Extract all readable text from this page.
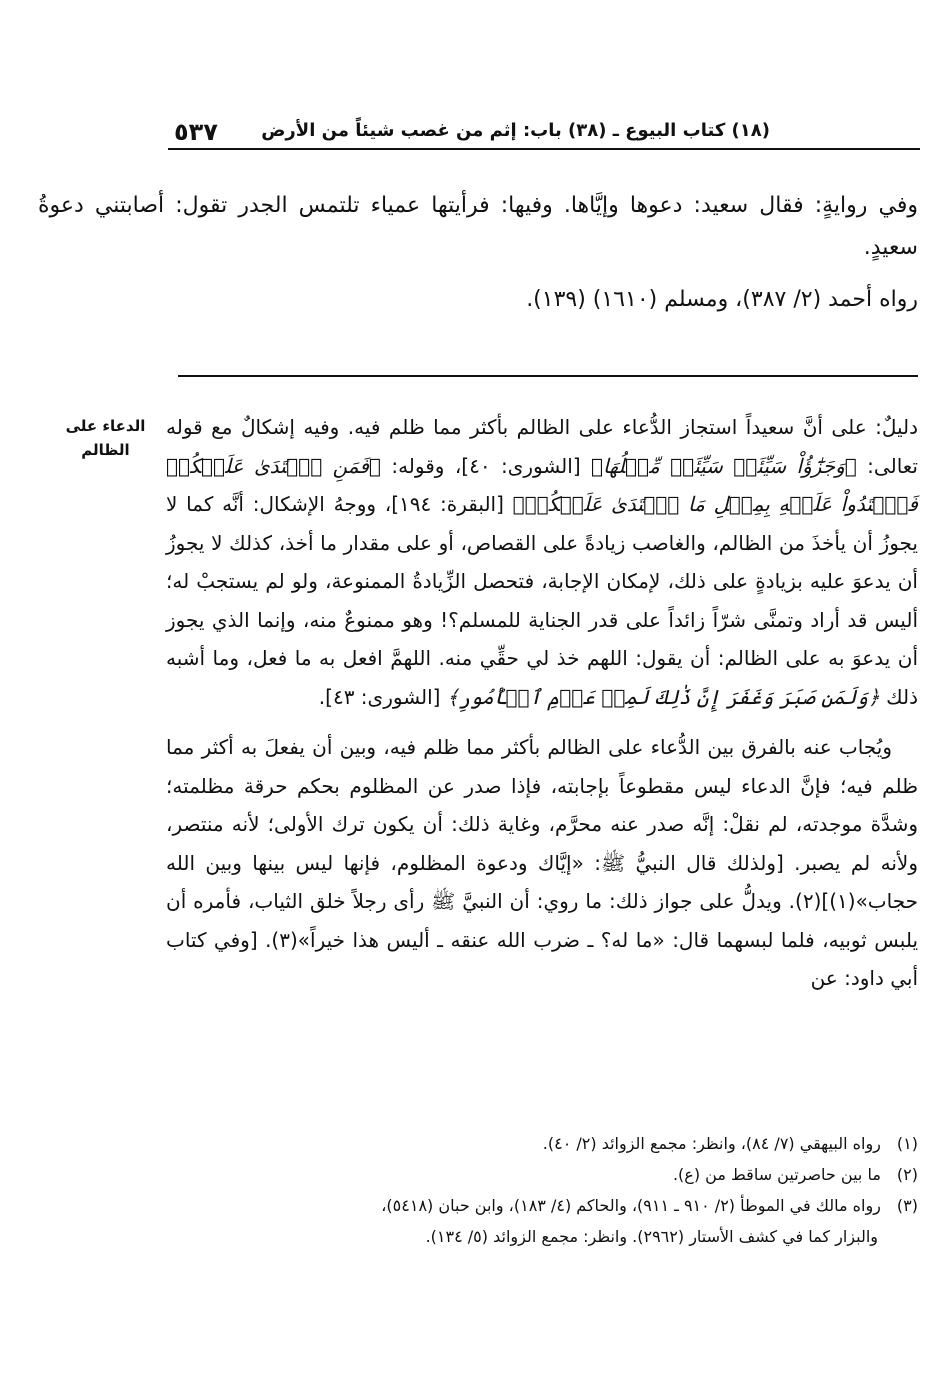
(١٨) كتاب البيوع ـ (٣٨) باب: إثم من غصب شيئاً من الأرض
٥٣٧

وفي روايةٍ: فقال سعيد: دعوها وإيَّاها. وفيها: فرأيتها عمياء تلتمس الجدر تقول: أصابتني دعوةُ سعيدٍ.

رواه أحمد (٢/ ٣٨٧)، ومسلم (١٦١٠) (١٣٩).

الدعاء على الظالم

دليلٌ: على أنَّ سعيداً استجاز الدُّعاء على الظالم بأكثر مما ظلم فيه. وفيه إشكالٌ مع قوله تعالى: ﴿وَجَزَٰٓؤُاْ سَيِّئَةٖ سَيِّئَةٞ مِّثۡلُهَا﴾ [الشورى: ٤٠]، وقوله: ﴿فَمَنِ ٱعۡتَدَىٰ عَلَيۡكُمۡ فَٱعۡتَدُواْ عَلَيۡهِ بِمِثۡلِ مَا ٱعۡتَدَىٰ عَلَيۡكُمۡ﴾ [البقرة: ١٩٤]، ووجهُ الإشكال: أنَّه كما لا يجوزُ أن يأخذَ من الظالم، والغاصب زيادةً على القصاص، أو على مقدار ما أخذ، كذلك لا يجوزُ أن يدعوَ عليه بزيادةٍ على ذلك، لإمكان الإجابة، فتحصل الزِّيادةُ الممنوعة، ولو لم يستجبْ له؛ أليس قد أراد وتمنَّى شرّاً زائداً على قدر الجناية للمسلم؟! وهو ممنوعٌ منه، وإنما الذي يجوز أن يدعوَ به على الظالم: أن يقول: اللهم خذ لي حقِّي منه. اللهمَّ افعل به ما فعل، وما أشبه ذلك ﴿وَلَمَن صَبَرَ وَغَفَرَ إِنَّ ذَٰلِكَ لَمِنۡ عَزۡمِ ٱلۡأُمُورِ﴾ [الشورى: ٤٣].

ويُجاب عنه بالفرق بين الدُّعاء على الظالم بأكثر مما ظلم فيه، وبين أن يفعلَ به أكثر مما ظلم فيه؛ فإنَّ الدعاء ليس مقطوعاً بإجابته، فإذا صدر عن المظلوم بحكم حرقة مظلمته؛ وشدَّة موجدته، لم نقلْ: إنَّه صدر عنه محرَّم، وغاية ذلك: أن يكون ترك الأولى؛ لأنه منتصر، ولأنه لم يصبر. [ولذلك قال النبيُّ ﷺ: «إيَّاك ودعوة المظلوم، فإنها ليس بينها وبين الله حجاب»(١)](٢). ويدلُّ على جواز ذلك: ما روي: أن النبيَّ ﷺ رأى رجلاً خلق الثياب، فأمره أن يلبس ثوبيه، فلما لبسهما قال: «ما له؟ ـ ضرب الله عنقه ـ أليس هذا خيراً»(٣). [وفي كتاب أبي داود: عن

(١) رواه البيهقي (٧/ ٨٤)، وانظر: مجمع الزوائد (٢/ ٤٠).

(٢) ما بين حاصرتين ساقط من (ع).

(٣) رواه مالك في الموطأ (٢/ ٩١٠ ـ ٩١١)، والحاكم (٤/ ١٨٣)، وابن حبان (٥٤١٨)،

والبزار كما في كشف الأستار (٢٩٦٢). وانظر: مجمع الزوائد (٥/ ١٣٤).
